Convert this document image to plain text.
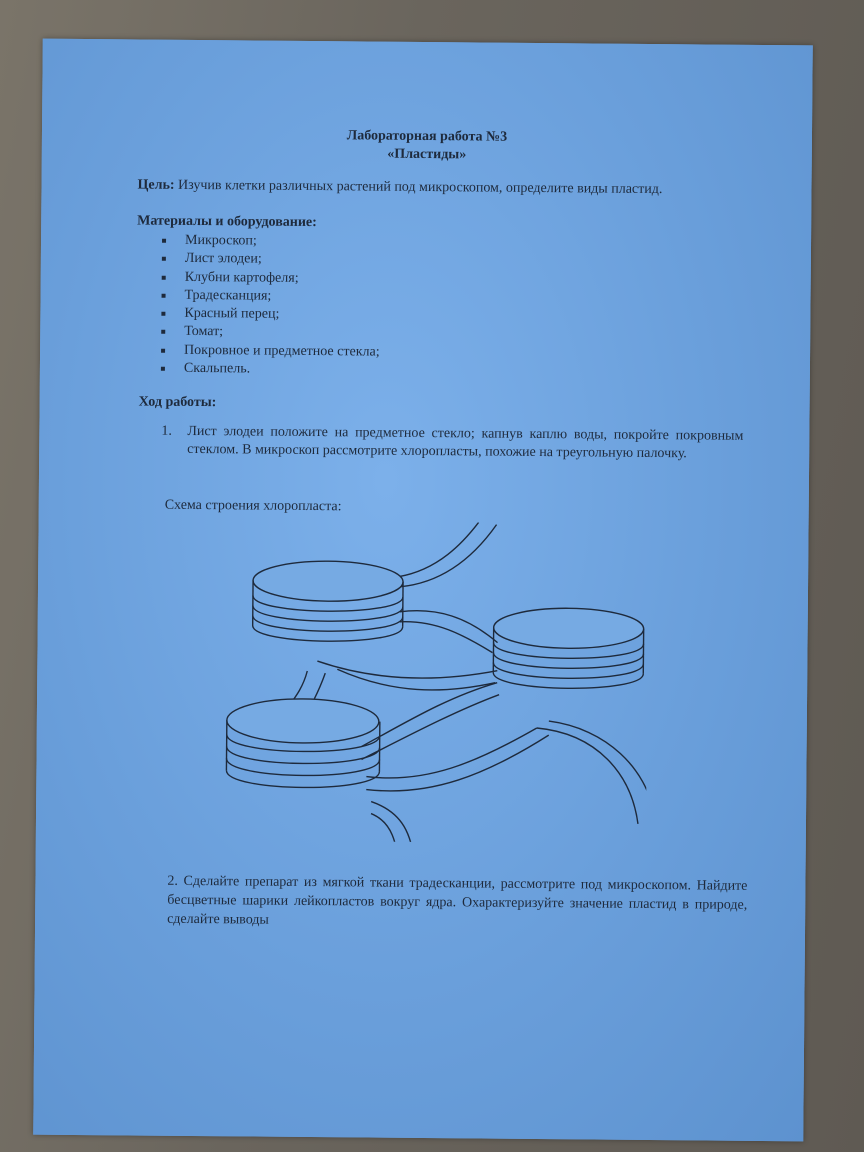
Лабораторная работа №3
«Пластиды»
Цель: Изучив клетки различных растений под микроскопом, определите виды пластид.
Материалы и оборудование:
Микроскоп;
Лист элодеи;
Клубни картофеля;
Традесканция;
Красный перец;
Томат;
Покровное и предметное стекла;
Скальпель.
Ход работы:
1.	Лист элодеи положите на предметное стекло; капнув каплю воды, покройте покровным стеклом. В микроскоп рассмотрите хлоропласты, похожие на треугольную палочку.
Схема строения хлоропласта:
2. Сделайте препарат из мягкой ткани традесканции, рассмотрите под микроскопом. Найдите бесцветные шарики лейкопластов вокруг ядра. Охарактеризуйте значение пластид в природе, сделайте выводы
